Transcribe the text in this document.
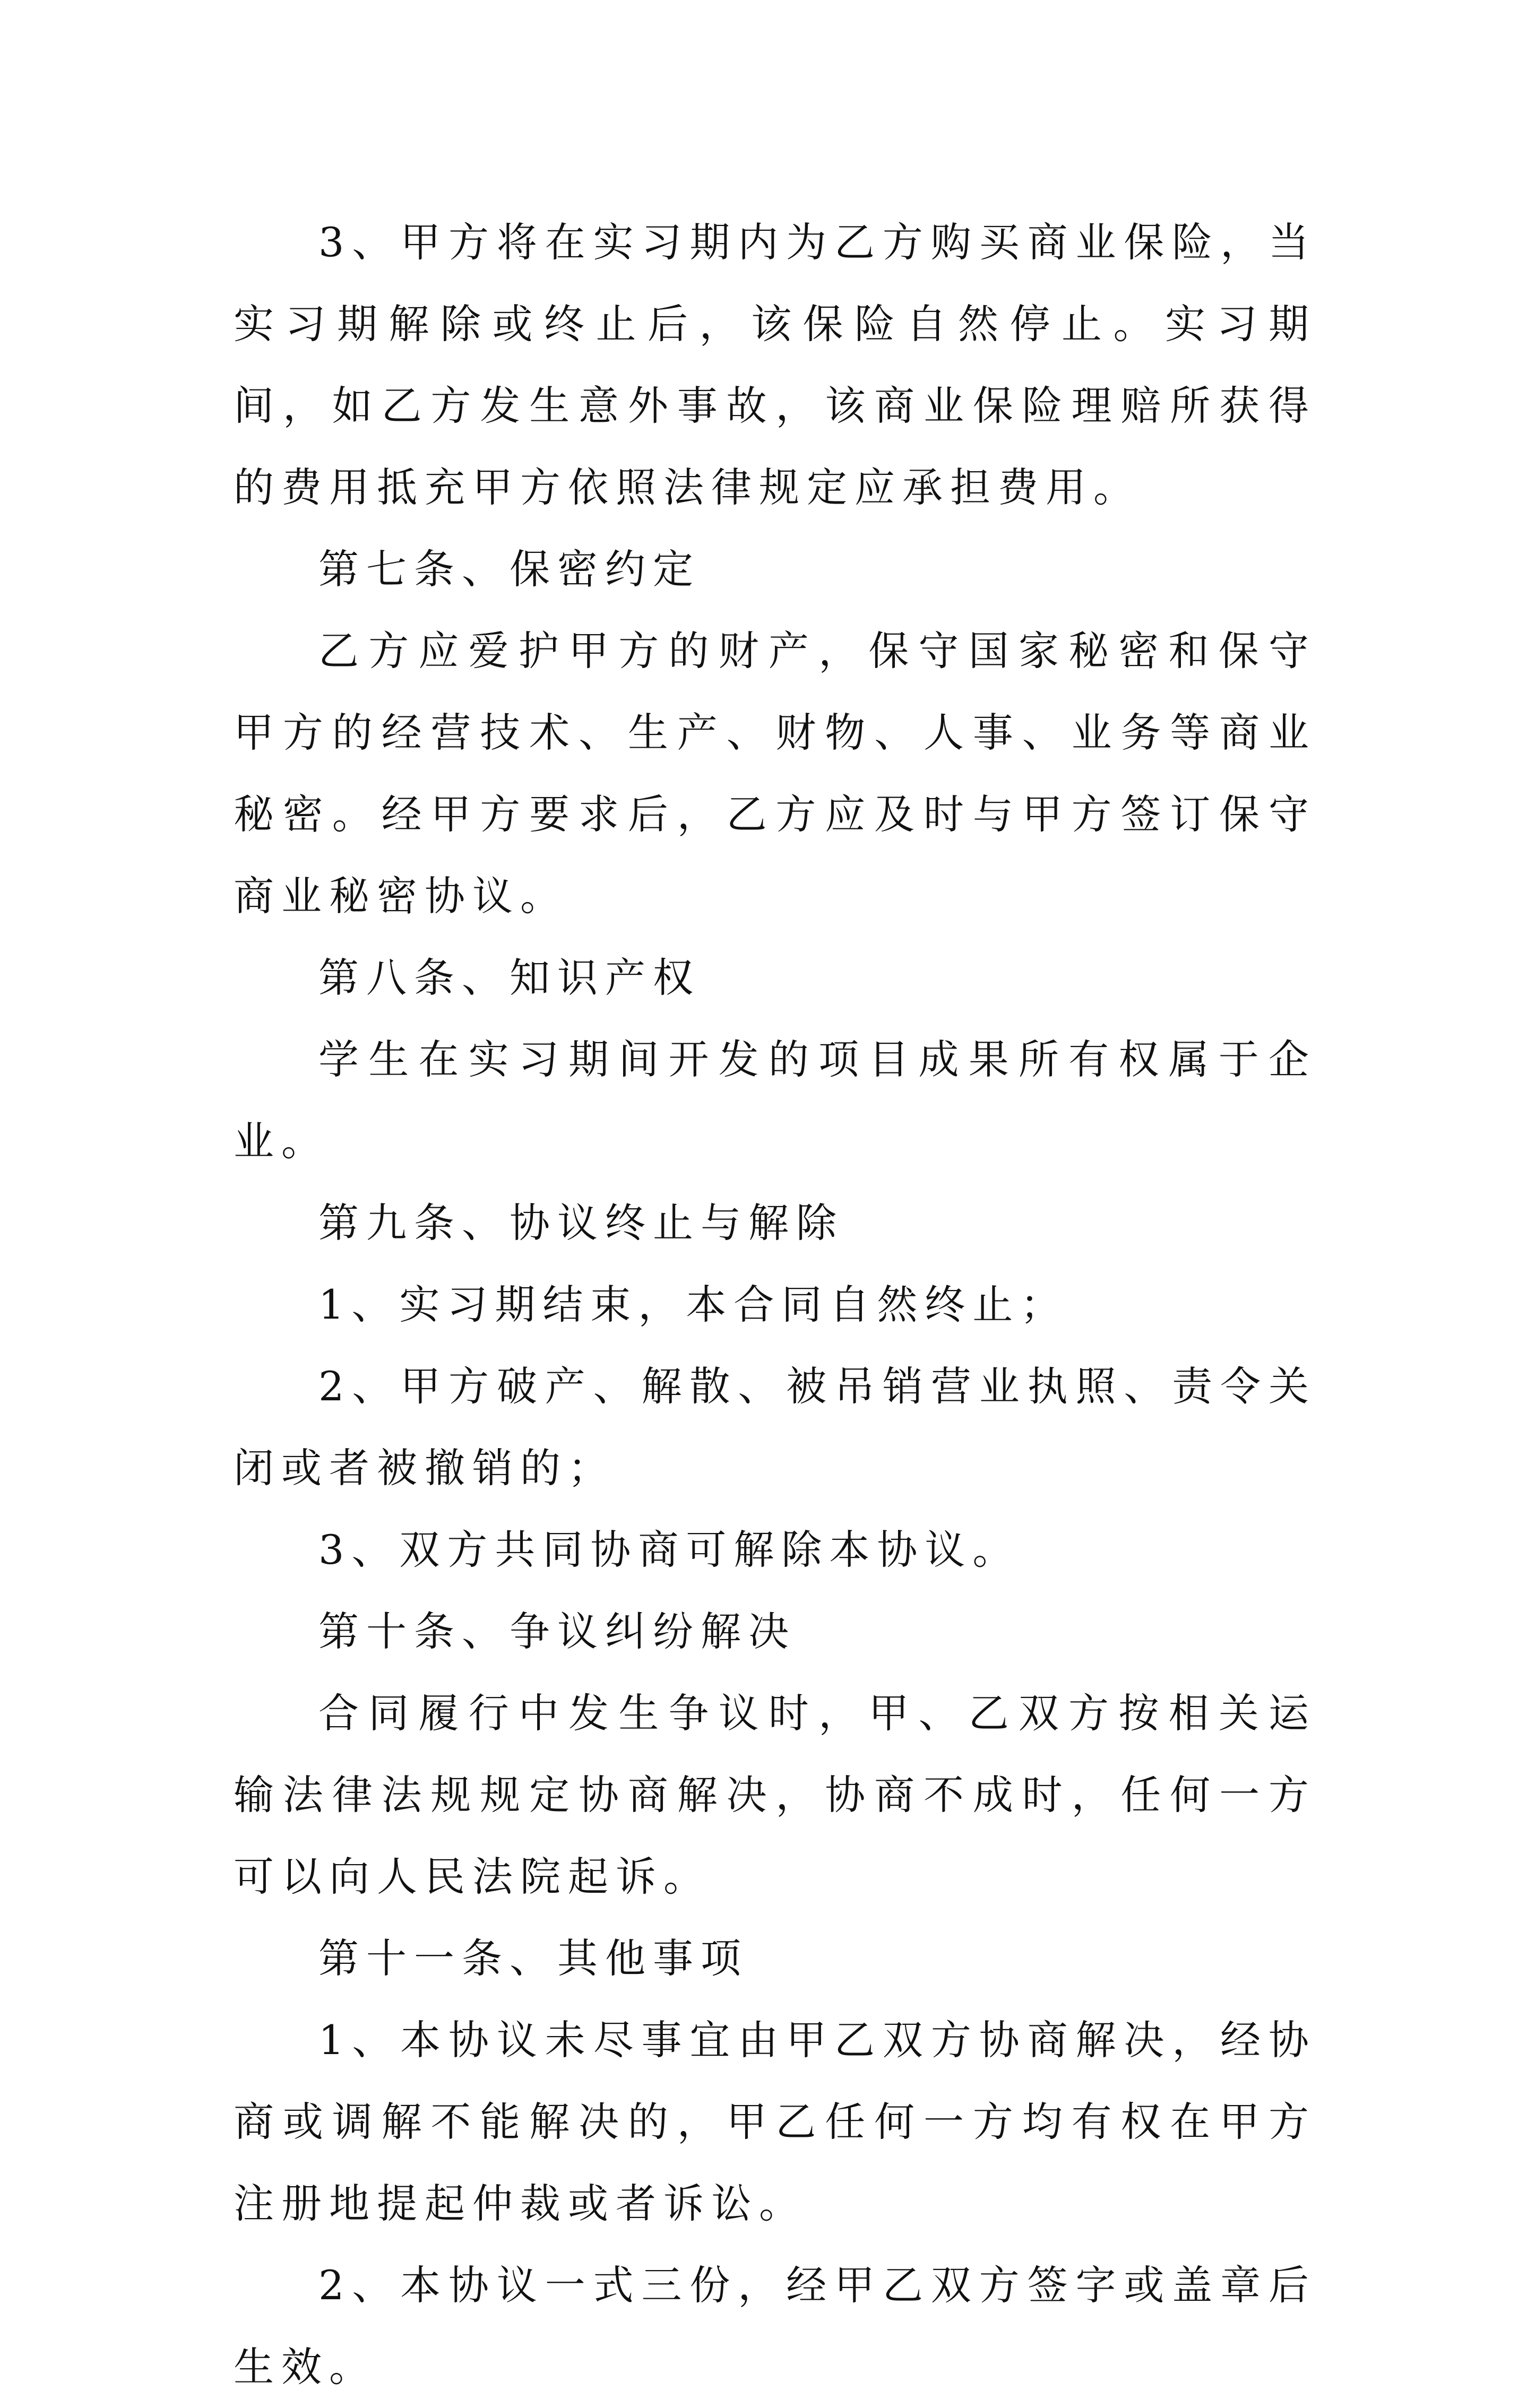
3、甲方将在实习期内为乙方购买商业保险，当实习期解除或终止后，该保险自然停止。实习期间，如乙方发生意外事故，该商业保险理赔所获得的费用抵充甲方依照法律规定应承担费用。

第七条、保密约定

乙方应爱护甲方的财产，保守国家秘密和保守甲方的经营技术、生产、财物、人事、业务等商业秘密。经甲方要求后，乙方应及时与甲方签订保守商业秘密协议。

第八条、知识产权

学生在实习期间开发的项目成果所有权属于企业。

第九条、协议终止与解除

1、实习期结束，本合同自然终止；

2、甲方破产、解散、被吊销营业执照、责令关闭或者被撤销的；

3、双方共同协商可解除本协议。

第十条、争议纠纷解决

合同履行中发生争议时，甲、乙双方按相关运输法律法规规定协商解决，协商不成时，任何一方可以向人民法院起诉。

第十一条、其他事项

1、本协议未尽事宜由甲乙双方协商解决，经协商或调解不能解决的，甲乙任何一方均有权在甲方注册地提起仲裁或者诉讼。

2、本协议一式三份，经甲乙双方签字或盖章后生效。
